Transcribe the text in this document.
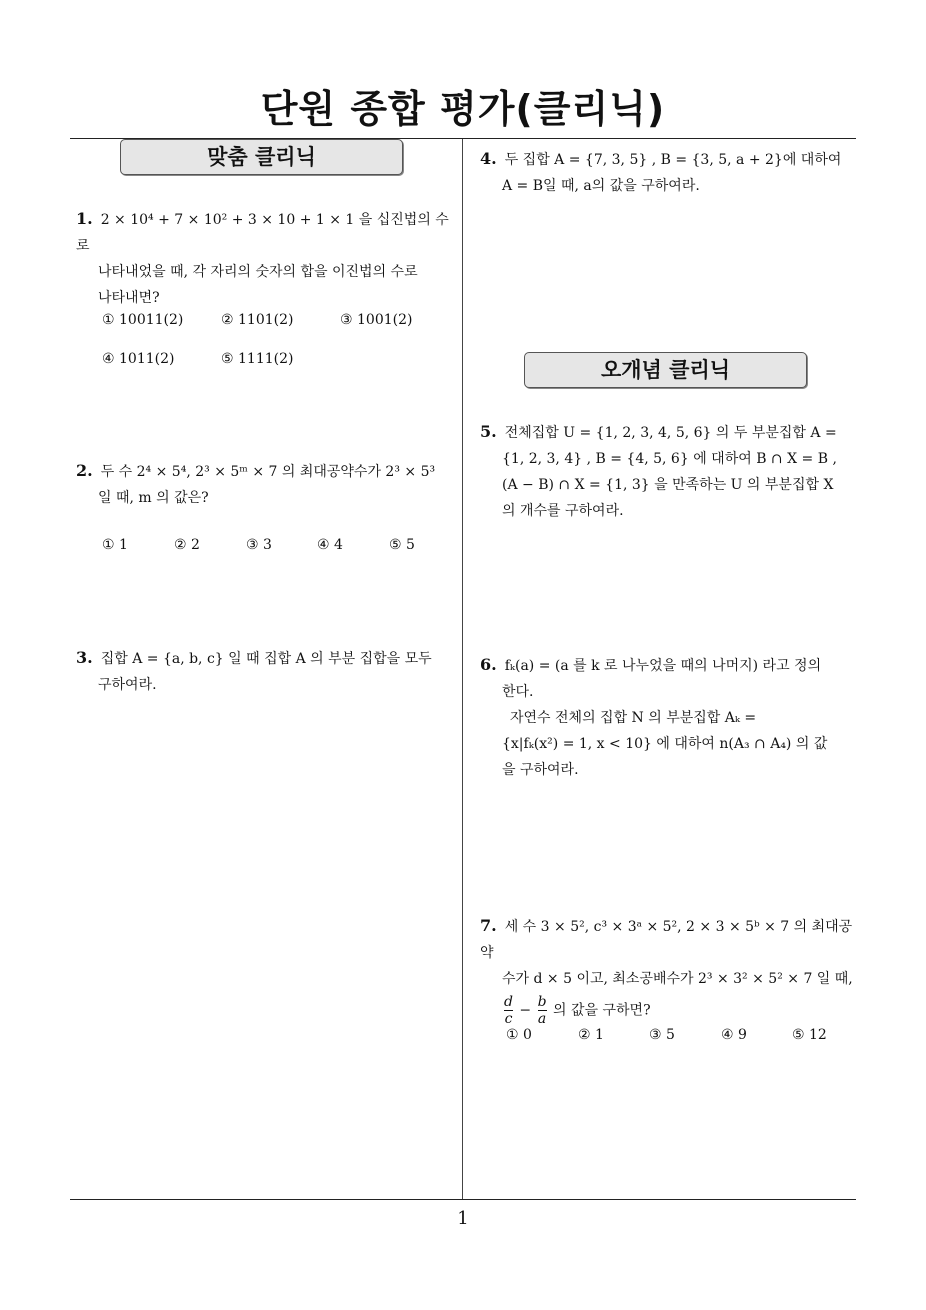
단원 종합 평가(클리닉)
맞춤 클리닉
오개념 클리닉
1. 2 × 10⁴ + 7 × 10² + 3 × 10 + 1 × 1 을 십진법의 수로
나타내었을 때, 각 자리의 숫자의 합을 이진법의 수로
나타내면?
① 10011(2)	② 1101(2)	③ 1001(2)
④ 1011(2)	⑤ 1111(2)
2. 두 수 2⁴ × 5⁴, 2³ × 5ᵐ × 7 의 최대공약수가 2³ × 5³
일 때, m 의 값은?
① 1	② 2	③ 3	④ 4	⑤ 5
3. 집합 A = {a, b, c} 일 때 집합 A 의 부분 집합을 모두
구하여라.
4. 두 집합 A = {7, 3, 5} , B = {3, 5, a + 2}에 대하여
A = B일 때, a의 값을 구하여라.
5. 전체집합 U = {1, 2, 3, 4, 5, 6} 의 두 부분집합 A =
{1, 2, 3, 4} , B = {4, 5, 6} 에 대하여 B ∩ X = B ,
(A − B) ∩ X = {1, 3} 을 만족하는 U 의 부분집합 X
의 개수를 구하여라.
6. fₖ(a) = (a 를 k 로 나누었을 때의 나머지) 라고 정의
한다.
자연수 전체의 집합 N 의 부분집합 Aₖ =
{x|fₖ(x²) = 1, x < 10} 에 대하여 n(A₃ ∩ A₄) 의 값
을 구하여라.
7. 세 수 3 × 5², c³ × 3ᵃ × 5², 2 × 3 × 5ᵇ × 7 의 최대공약
수가 d × 5 이고, 최소공배수가 2³ × 3² × 5² × 7 일 때,
$\frac{d}{c} - \frac{b}{a}$ 의 값을 구하면?
① 0	② 1	③ 5	④ 9	⑤ 12
1
